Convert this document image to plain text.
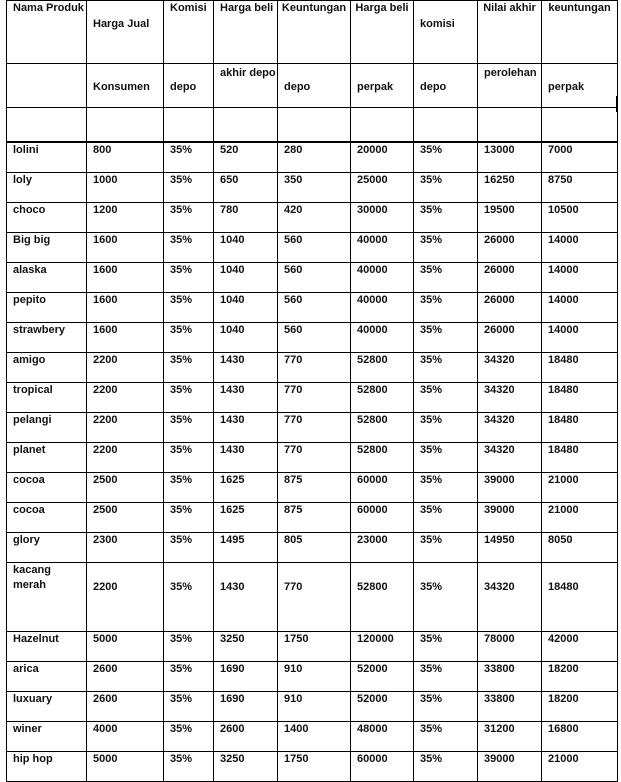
Nama Produk	Harga Jual	Komisi	Harga beli	Keuntungan	Harga beli	komisi	Nilai akhir	keuntungan

	Konsumen	depo	akhir depo	depo	perpak	depo	perolehan	perpak

lolini	800	35%	520	280	20000	35%	13000	7000
loly	1000	35%	650	350	25000	35%	16250	8750
choco	1200	35%	780	420	30000	35%	19500	10500
Big big	1600	35%	1040	560	40000	35%	26000	14000
alaska	1600	35%	1040	560	40000	35%	26000	14000
pepito	1600	35%	1040	560	40000	35%	26000	14000
strawbery	1600	35%	1040	560	40000	35%	26000	14000
amigo	2200	35%	1430	770	52800	35%	34320	18480
tropical	2200	35%	1430	770	52800	35%	34320	18480
pelangi	2200	35%	1430	770	52800	35%	34320	18480
planet	2200	35%	1430	770	52800	35%	34320	18480
cocoa	2500	35%	1625	875	60000	35%	39000	21000
cocoa	2500	35%	1625	875	60000	35%	39000	21000
glory	2300	35%	1495	805	23000	35%	14950	8050
kacang merah	2200	35%	1430	770	52800	35%	34320	18480
Hazelnut	5000	35%	3250	1750	120000	35%	78000	42000
arica	2600	35%	1690	910	52000	35%	33800	18200
luxuary	2600	35%	1690	910	52000	35%	33800	18200
winer	4000	35%	2600	1400	48000	35%	31200	16800
hip hop	5000	35%	3250	1750	60000	35%	39000	21000
